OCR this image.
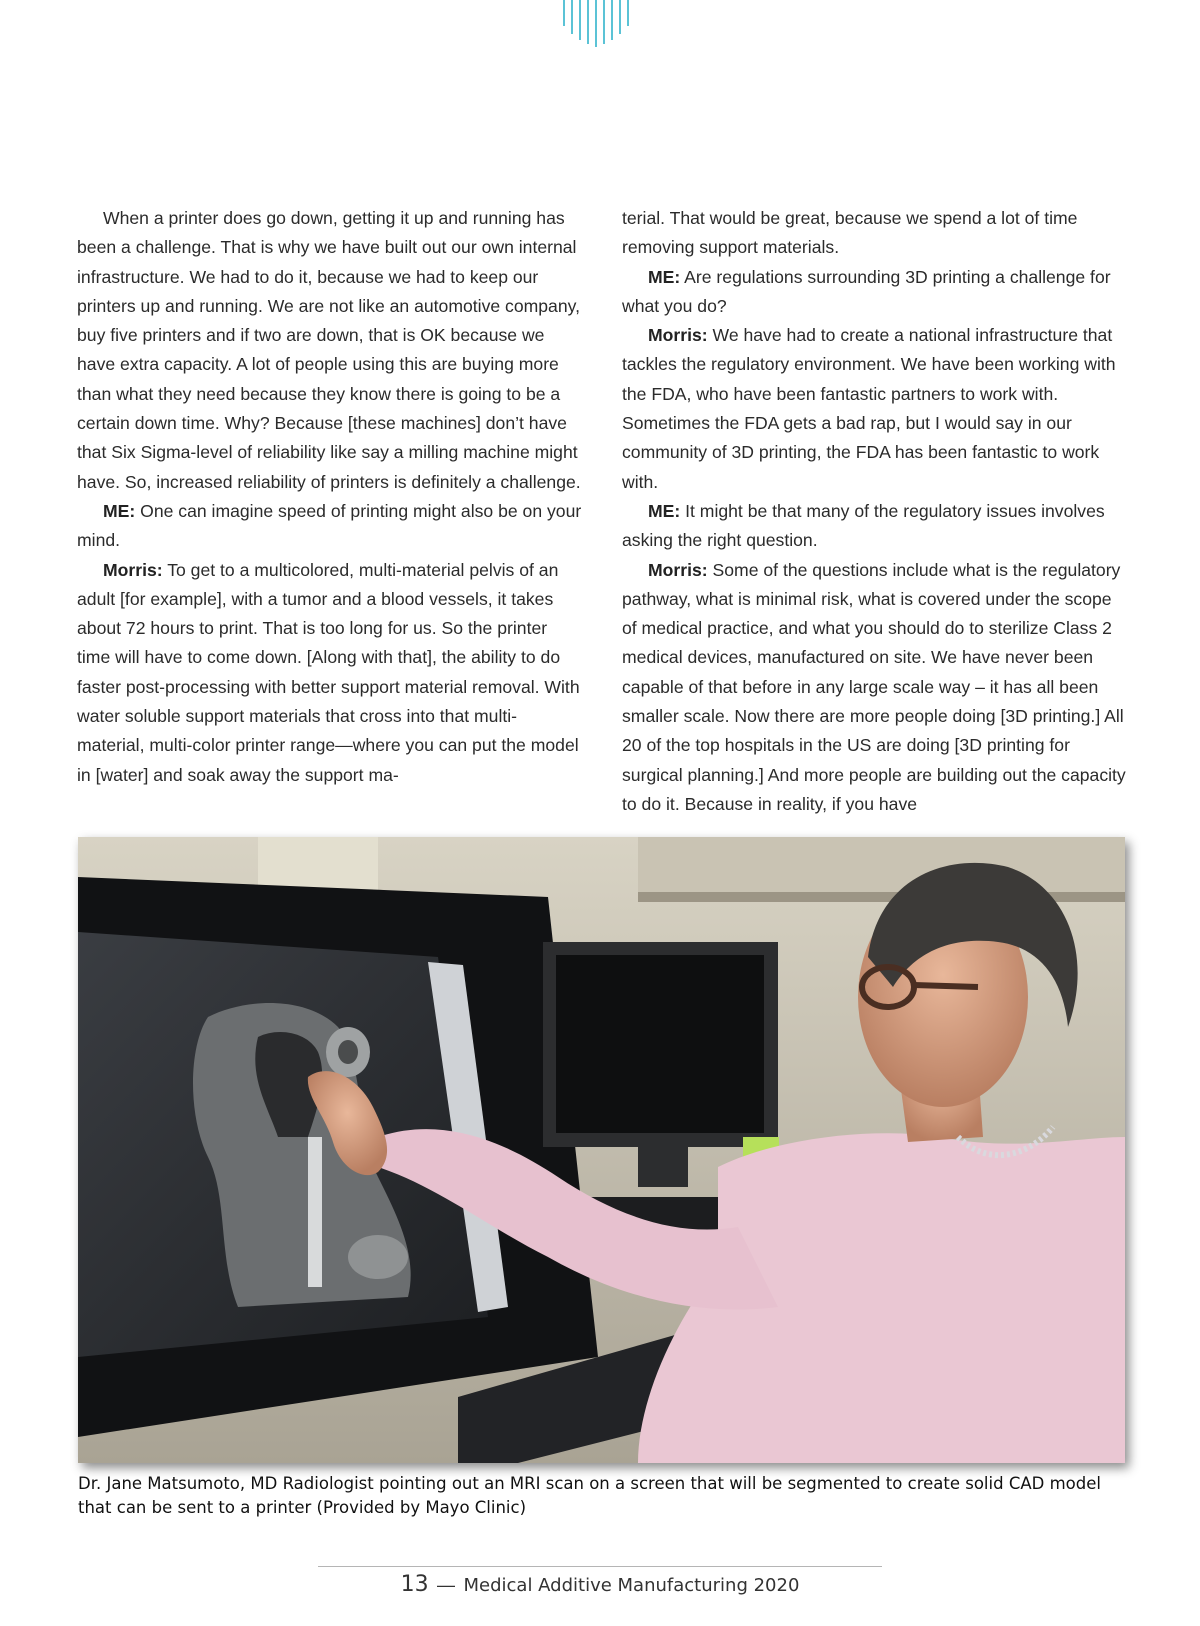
When a printer does go down, getting it up and running has been a challenge. That is why we have built out our own internal infrastructure. We had to do it, because we had to keep our printers up and running. We are not like an automotive company, buy five printers and if two are down, that is OK because we have extra capacity. A lot of people using this are buying more than what they need because they know there is going to be a certain down time. Why? Because [these machines] don’t have that Six Sigma-level of reliability like say a milling machine might have. So, increased reliability of printers is definitely a challenge.

ME: One can imagine speed of printing might also be on your mind.

Morris: To get to a multicolored, multi-material pelvis of an adult [for example], with a tumor and a blood vessels, it takes about 72 hours to print. That is too long for us. So the printer time will have to come down. [Along with that], the ability to do faster post-processing with better support material removal. With water soluble support materials that cross into that multi-material, multi-color printer range—where you can put the model in [water] and soak away the support ma-

terial. That would be great, because we spend a lot of time removing support materials.

ME: Are regulations surrounding 3D printing a challenge for what you do?

Morris: We have had to create a national infrastructure that tackles the regulatory environment. We have been working with the FDA, who have been fantastic partners to work with. Sometimes the FDA gets a bad rap, but I would say in our community of 3D printing, the FDA has been fantastic to work with.

ME: It might be that many of the regulatory issues involves asking the right question.

Morris: Some of the questions include what is the regulatory pathway, what is minimal risk, what is covered under the scope of medical practice, and what you should do to sterilize Class 2 medical devices, manufactured on site. We have never been capable of that before in any large scale way – it has all been smaller scale. Now there are more people doing [3D printing.] All 20 of the top hospitals in the US are doing [3D printing for surgical planning.] And more people are building out the capacity to do it. Because in reality, if you have

Dr. Jane Matsumoto, MD Radiologist pointing out an MRI scan on a screen that will be segmented to create solid CAD model that can be sent to a printer (Provided by Mayo Clinic)
13 — Medical Additive Manufacturing 2020
